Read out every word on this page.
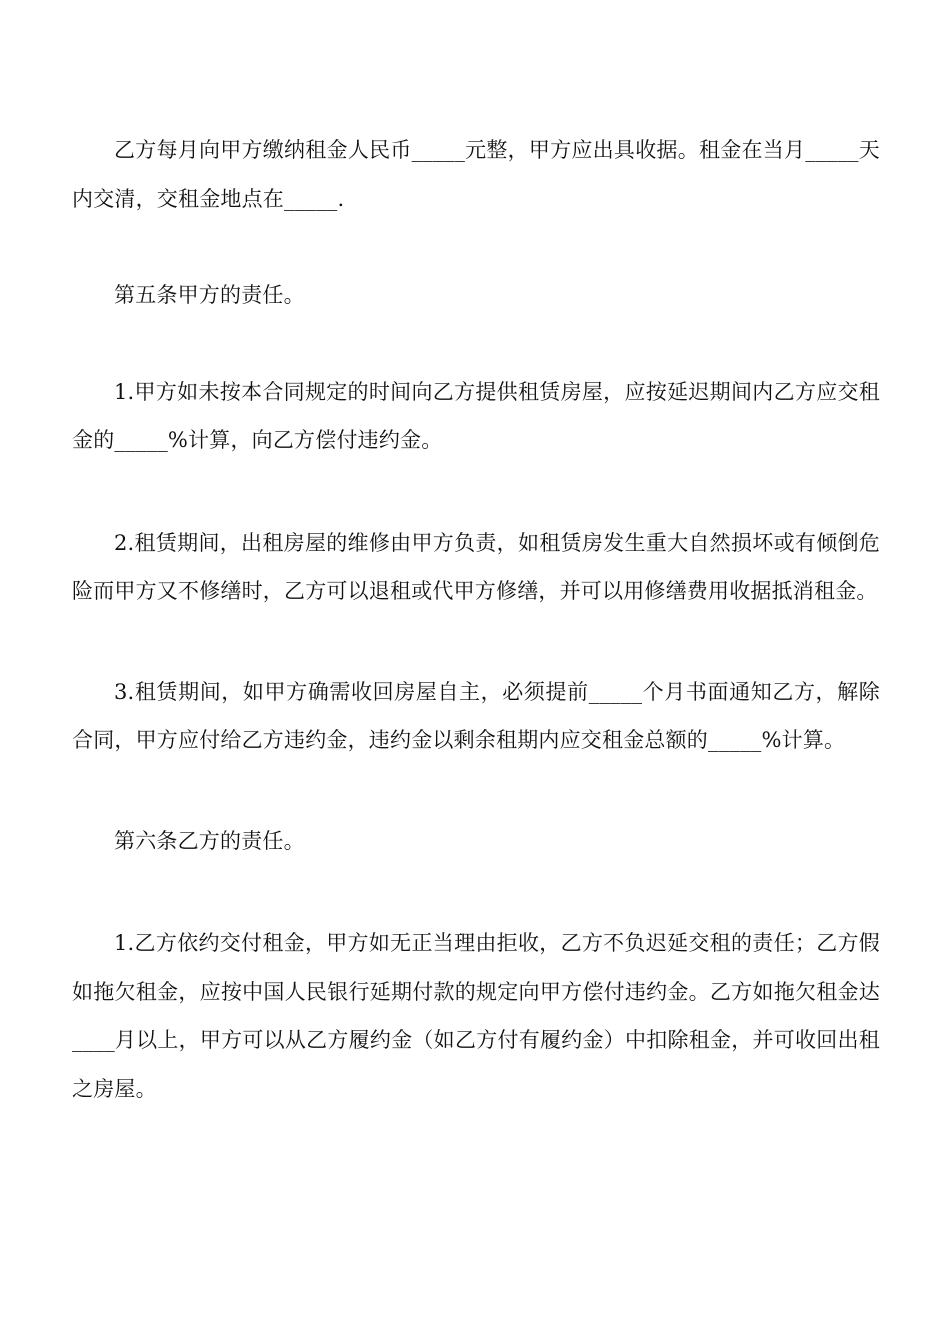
乙方每月向甲方缴纳租金人民币_____元整，甲方应出具收据。租金在当月_____天内交清，交租金地点在_____.

第五条甲方的责任。

1.甲方如未按本合同规定的时间向乙方提供租赁房屋，应按延迟期间内乙方应交租金的_____%计算，向乙方偿付违约金。

2.租赁期间，出租房屋的维修由甲方负责，如租赁房发生重大自然损坏或有倾倒危险而甲方又不修缮时，乙方可以退租或代甲方修缮，并可以用修缮费用收据抵消租金。

3.租赁期间，如甲方确需收回房屋自主，必须提前_____个月书面通知乙方，解除合同，甲方应付给乙方违约金，违约金以剩余租期内应交租金总额的_____%计算。

第六条乙方的责任。

1.乙方依约交付租金，甲方如无正当理由拒收，乙方不负迟延交租的责任；乙方假如拖欠租金，应按中国人民银行延期付款的规定向甲方偿付违约金。乙方如拖欠租金达____月以上，甲方可以从乙方履约金（如乙方付有履约金）中扣除租金，并可收回出租之房屋。
